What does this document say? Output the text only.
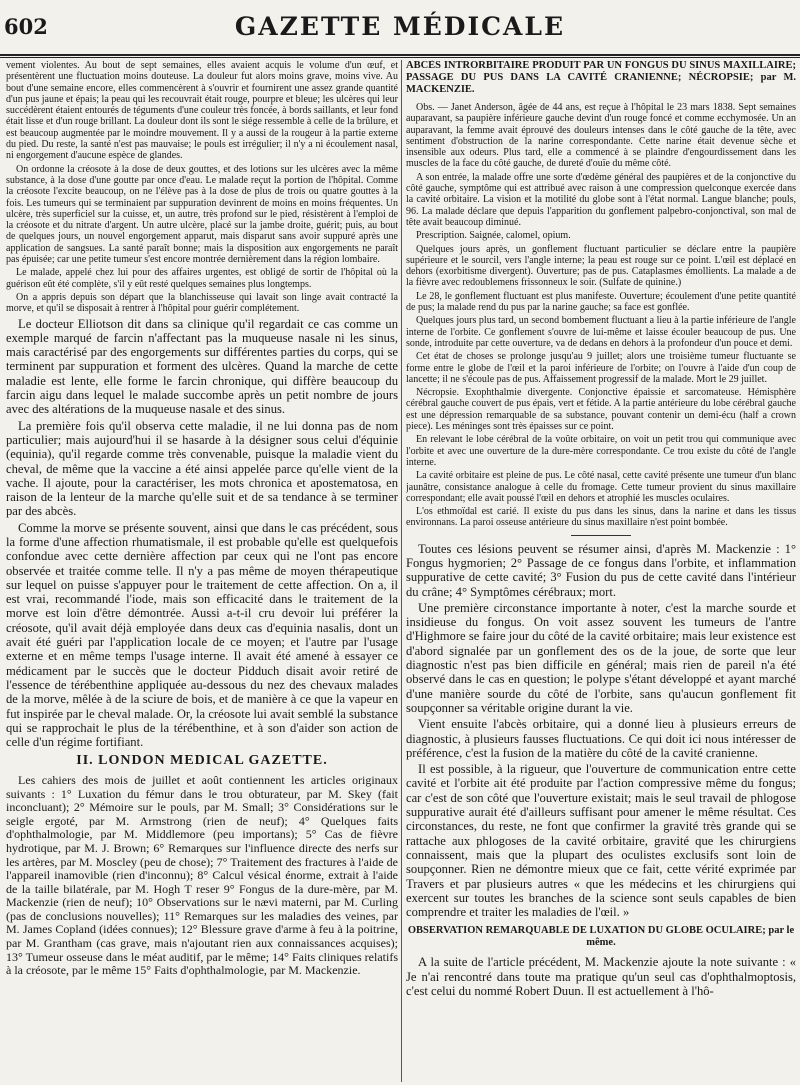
602	GAZETTE MÉDICALE

vement violentes. Au bout de sept semaines, elles avaient acquis le volume d'un œuf, et présentèrent une fluctuation moins douteuse. La douleur fut alors moins grave, moins vive. Au bout d'une semaine encore, elles commencèrent à s'ouvrir et fournirent une assez grande quantité d'un pus jaune et épais; la peau qui les recouvrait était rouge, pourpre et bleue; les ulcères qui leur succédèrent étaient entourés de téguments d'une couleur très foncée, à bords saillants, et leur fond était lisse et d'un rouge brillant. La douleur dont ils sont le siége ressemble à celle de la brûlure, et est beaucoup augmentée par le moindre mouvement. Il y a aussi de la rougeur à la partie externe du pied. Du reste, la santé n'est pas mauvaise; le pouls est irrégulier; il n'y a ni écoulement nasal, ni engorgement d'aucune espèce de glandes.

On ordonne la créosote à la dose de deux gouttes, et des lotions sur les ulcères avec la même substance, à la dose d'une goutte par once d'eau. Le malade reçut la portion de l'hôpital. Comme la créosote l'excite beaucoup, on ne l'élève pas à la dose de plus de trois ou quatre gouttes à la fois. Les tumeurs qui se terminaient par suppuration devinrent de moins en moins fréquentes. Un ulcère, très superficiel sur la cuisse, et, un autre, très profond sur le pied, résistèrent à l'emploi de la créosote et du nitrate d'argent. Un autre ulcère, placé sur la jambe droite, guérit; puis, au bout de quelques jours, un nouvel engorgement apparut, mais disparut sans avoir suppuré après une application de sangsues. La santé paraît bonne; mais la disposition aux engorgements ne paraît pas épuisée; car une petite tumeur s'est encore montrée dernièrement dans la région lombaire.

Le malade, appelé chez lui pour des affaires urgentes, est obligé de sortir de l'hôpital où la guérison eût été complète, s'il y eût resté quelques semaines plus longtemps.

On a appris depuis son départ que la blanchisseuse qui lavait son linge avait contracté la morve, et qu'il se disposait à rentrer à l'hôpital pour guérir complétement.

Le docteur Elliotson dit dans sa clinique qu'il regardait ce cas comme un exemple marqué de farcin n'affectant pas la muqueuse nasale ni les sinus, mais caractérisé par des engorgements sur différentes parties du corps, qui se terminent par suppuration et forment des ulcères. Quand la marche de cette maladie est lente, elle forme le farcin chronique, qui diffère beaucoup du farcin aigu dans lequel le malade succombe après un petit nombre de jours avec des altérations de la muqueuse nasale et des sinus.

La première fois qu'il observa cette maladie, il ne lui donna pas de nom particulier; mais aujourd'hui il se hasarde à la désigner sous celui d'équinie (equinia), qu'il regarde comme très convenable, puisque la maladie vient du cheval, de même que la vaccine a été ainsi appelée parce qu'elle vient de la vache. Il ajoute, pour la caractériser, les mots chronica et apostematosa, en raison de la lenteur de la marche qu'elle suit et de sa tendance à se terminer par des abcès.

Comme la morve se présente souvent, ainsi que dans le cas précédent, sous la forme d'une affection rhumatismale, il est probable qu'elle est quelquefois confondue avec cette dernière affection par ceux qui ne l'ont pas encore observée et traitée comme telle. Il n'y a pas même de moyen thérapeutique sur lequel on puisse s'appuyer pour le traitement de cette affection. On a, il est vrai, recommandé l'iode, mais son efficacité dans le traitement de la morve est loin d'être démontrée. Aussi a-t-il cru devoir lui préférer la créosote, qu'il avait déjà employée dans deux cas d'equinia nasalis, dont un avait été guéri par l'application locale de ce moyen; et l'autre par l'usage externe et en même temps l'usage interne. Il avait été amené à essayer ce médicament par le succès que le docteur Pidduch disait avoir retiré de l'essence de térébenthine appliquée au-dessous du nez des chevaux malades de la morve, mêlée à de la sciure de bois, et de manière à ce que la vapeur en fut inspirée par le cheval malade. Or, la créosote lui avait semblé la substance qui se rapprochait le plus de la térébenthine, et à son d'aider son action de celle d'un régime fortifiant.

II. LONDON MEDICAL GAZETTE.

Les cahiers des mois de juillet et août contiennent les articles originaux suivants : 1° Luxation du fémur dans le trou obturateur, par M. Skey (fait inconcluant); 2° Mémoire sur le pouls, par M. Small; 3° Considérations sur le seigle ergoté, par M. Armstrong (rien de neuf); 4° Quelques faits d'ophthalmologie, par M. Middlemore (peu importans); 5° Cas de fièvre hydrotique, par M. J. Brown; 6° Remarques sur l'influence directe des nerfs sur les artères, par M. Moscley (peu de chose); 7° Traitement des fractures à l'aide de l'appareil inamovible (rien d'inconnu); 8° Calcul vésical énorme, extrait à l'aide de la taille bilatérale, par M. Hogh T reser 9° Fongus de la dure-mère, par M. Mackenzie (rien de neuf); 10° Observations sur le nævi materni, par M. Curling (pas de conclusions nouvelles); 11° Remarques sur les maladies des veines, par M. James Copland (idées connues); 12° Blessure grave d'arme à feu à la poitrine, par M. Grantham (cas grave, mais n'ajoutant rien aux connaissances acquises); 13° Tumeur osseuse dans le méat auditif, par le même; 14° Faits cliniques relatifs à la créosote, par le même 15° Faits d'ophthalmologie, par M. Mackenzie.

ABCÈS INTRORBITAIRE PRODUIT PAR UN FONGUS DU SINUS MAXILLAIRE; PASSAGE DU PUS DANS LA CAVITÉ CRANIENNE; NÉCROPSIE; par M. MACKENZIE.

Obs. — Janet Anderson, âgée de 44 ans, est reçue à l'hôpital le 23 mars 1838. Sept semaines auparavant, sa paupière inférieure gauche devint d'un rouge foncé et comme ecchymosée. Un an auparavant, la femme avait éprouvé des douleurs intenses dans le côté gauche de la tête, avec sentiment d'obstruction de la narine correspondante. Cette narine était devenue sèche et insensible aux odeurs. Plus tard, elle a commencé à se plaindre d'engourdissement dans les muscles de la face du côté gauche, de dureté d'ouïe du même côté.

A son entrée, la malade offre une sorte d'œdème général des paupières et de la conjonctive du côté gauche, symptôme qui est attribué avec raison à une compression quelconque exercée dans la cavité orbitaire. La vision et la motilité du globe sont à l'état normal. Langue blanche; pouls, 96. La malade déclare que depuis l'apparition du gonflement palpebro-conjonctival, son mal de tête avait beaucoup diminué.

Prescription. Saignée, calomel, opium.

Quelques jours après, un gonflement fluctuant particulier se déclare entre la paupière supérieure et le sourcil, vers l'angle interne; la peau est rouge sur ce point. L'œil est déplacé en dehors (exorbitisme divergent). Ouverture; pas de pus. Cataplasmes émollients. La malade a de la fièvre avec redoublemens frissonneux le soir. (Sulfate de quinine.)

Le 28, le gonflement fluctuant est plus manifeste. Ouverture; écoulement d'une petite quantité de pus; la malade rend du pus par la narine gauche; sa face est gonflée.

Quelques jours plus tard, un second bombement fluctuant a lieu à la partie inférieure de l'angle interne de l'orbite. Ce gonflement s'ouvre de lui-même et laisse écouler beaucoup de pus. Une sonde, introduite par cette ouverture, va de dedans en dehors à la profondeur d'un pouce et demi.

Cet état de choses se prolonge jusqu'au 9 juillet; alors une troisième tumeur fluctuante se forme entre le globe de l'œil et la paroi inférieure de l'orbite; on l'ouvre à l'aide d'un coup de lancette; il ne s'écoule pas de pus. Affaissement progressif de la malade. Mort le 29 juillet.

Nécropsie. Exophthalmie divergente. Conjonctive épaissie et sarcomateuse. Hémisphère cérébral gauche couvert de pus épais, vert et fétide. A la partie antérieure du lobe cérébral gauche est une dépression remarquable de sa substance, pouvant contenir un demi-écu (half a crown piece). Les méninges sont très épaisses sur ce point.

En relevant le lobe cérébral de la voûte orbitaire, on voit un petit trou qui communique avec l'orbite et avec une ouverture de la dure-mère correspondante. Ce trou existe du côté de l'angle interne.

La cavité orbitaire est pleine de pus. Le côté nasal, cette cavité présente une tumeur d'un blanc jaunâtre, consistance analogue à celle du fromage. Cette tumeur provient du sinus maxillaire correspondant; elle avait poussé l'œil en dehors et atrophié les muscles oculaires.

L'os ethmoïdal est carié. Il existe du pus dans les sinus, dans la narine et dans les tissus environnans. La paroi osseuse antérieure du sinus maxillaire n'est point bombée.

Toutes ces lésions peuvent se résumer ainsi, d'après M. Mackenzie : 1° Fongus hygmorien; 2° Passage de ce fongus dans l'orbite, et inflammation suppurative de cette cavité; 3° Fusion du pus de cette cavité dans l'intérieur du crâne; 4° Symptômes cérébraux; mort.

Une première circonstance importante à noter, c'est la marche sourde et insidieuse du fongus. On voit assez souvent les tumeurs de l'antre d'Highmore se faire jour du côté de la cavité orbitaire; mais leur existence est d'abord signalée par un gonflement des os de la joue, de sorte que leur diagnostic n'est pas bien difficile en général; mais rien de pareil n'a été observé dans le cas en question; le polype s'étant développé et ayant marché d'une manière sourde du côté de l'orbite, sans qu'aucun gonflement fit soupçonner sa véritable origine durant la vie.

Vient ensuite l'abcès orbitaire, qui a donné lieu à plusieurs erreurs de diagnostic, à plusieurs fausses fluctuations. Ce qui doit ici nous intéresser de préférence, c'est la fusion de la matière du côté de la cavité cranienne.

Il est possible, à la rigueur, que l'ouverture de communication entre cette cavité et l'orbite ait été produite par l'action compressive même du fongus; car c'est de son côté que l'ouverture existait; mais le seul travail de phlogose suppurative aurait été d'ailleurs suffisant pour amener le même résultat. Ces circonstances, du reste, ne font que confirmer la gravité très grande qui se rattache aux phlogoses de la cavité orbitaire, gravité que les chirurgiens connaissent, mais que la plupart des oculistes exclusifs sont loin de soupçonner. Rien ne démontre mieux que ce fait, cette vérité exprimée par Travers et par plusieurs autres « que les médecins et les chirurgiens qui exercent sur toutes les branches de la science sont seuls capables de bien comprendre et traiter les maladies de l'œil. »

OBSERVATION REMARQUABLE DE LUXATION DU GLOBE OCULAIRE; par le même.

A la suite de l'article précédent, M. Mackenzie ajoute la note suivante : « Je n'ai rencontré dans toute ma pratique qu'un seul cas d'ophthalmoptosis, c'est celui du nommé Robert Duun. Il est actuellement à l'hô-
